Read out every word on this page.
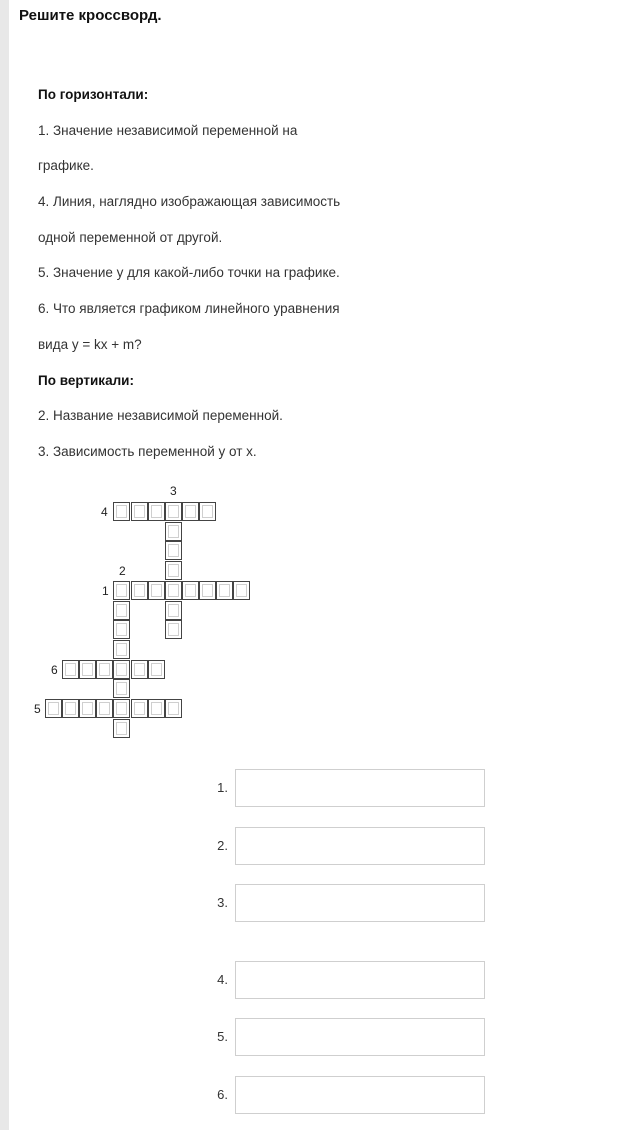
Решите кроссворд.

По горизонтали:

1. Значение независимой переменной на

графике.

4. Линия, наглядно изображающая зависимость

одной переменной от другой.

5. Значение y для какой-либо точки на графике.

6. Что является графиком линейного уравнения

вида y = kx + m?

По вертикали:

2. Название независимой переменной.

3. Зависимость переменной y от x.

3
4
2
1
6
5
1.
2.
3.
4.
5.
6.
